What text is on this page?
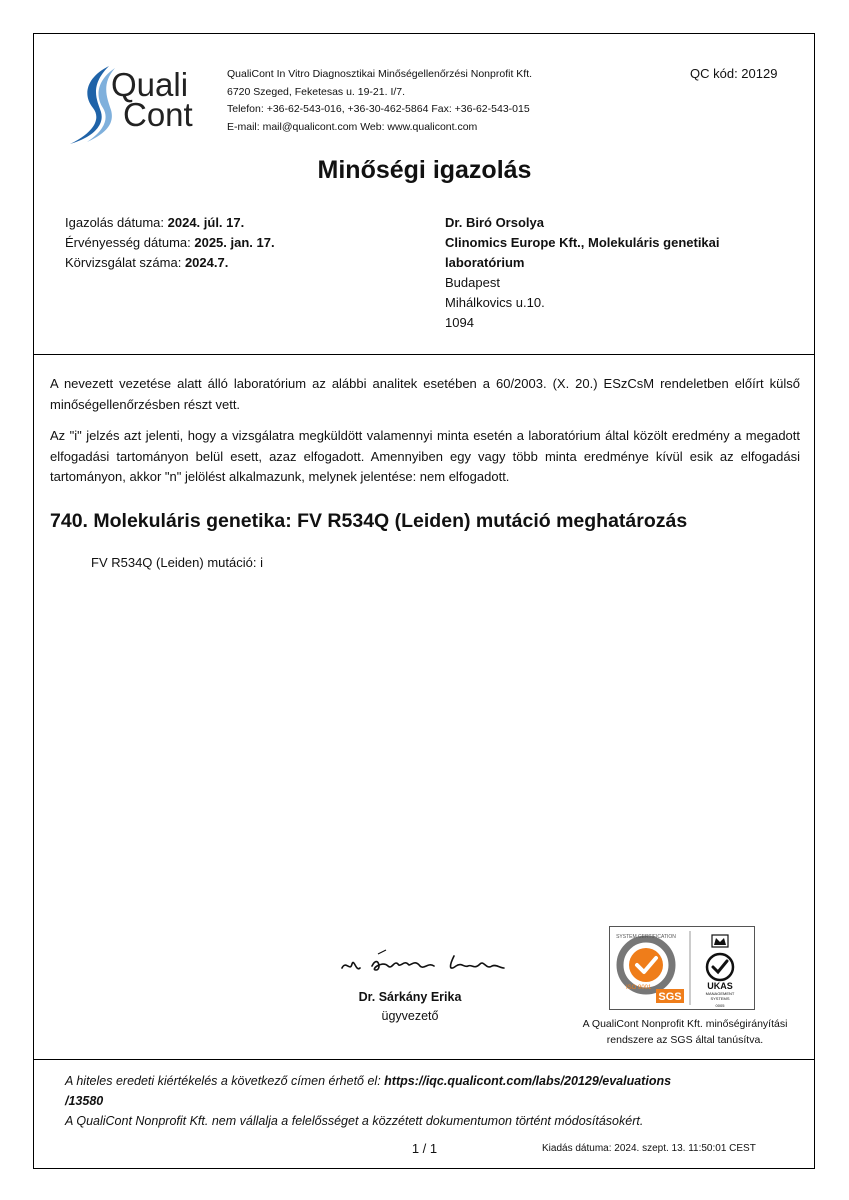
Quali
Cont
QualiCont In Vitro Diagnosztikai Minőségellenőrzési Nonprofit Kft.
6720 Szeged, Feketesas u. 19-21. I/7.
Telefon: +36-62-543-016, +36-30-462-5864 Fax: +36-62-543-015
E-mail: mail@qualicont.com Web: www.qualicont.com
QC kód: 20129
Minőségi igazolás
Igazolás dátuma: 2024. júl. 17.
Érvényesség dátuma: 2025. jan. 17.
Körvizsgálat száma: 2024.7.
Dr. Biró Orsolya
Clinomics Europe Kft., Molekuláris genetikai laboratórium
Budapest
Mihálkovics u.10.
1094
A nevezett vezetése alatt álló laboratórium az alábbi analitek esetében a 60/2003. (X. 20.) ESzCsM rendeletben előírt külső minőségellenőrzésben részt vett.
Az "i" jelzés azt jelenti, hogy a vizsgálatra megküldött valamennyi minta esetén a laboratórium által közölt eredmény a megadott elfogadási tartományon belül esett, azaz elfogadott. Amennyiben egy vagy több minta eredménye kívül esik az elfogadási tartományon, akkor "n" jelölést alkalmazunk, melynek jelentése: nem elfogadott.
740. Molekuláris genetika: FV R534Q (Leiden) mutáció meghatározás
FV R534Q (Leiden) mutáció: i
Dr. Sárkány Erika
ügyvezető
SYSTEM CERTIFICATION
ISO 9001
SGS
UKAS
MANAGEMENT
SYSTEMS
0005
A QualiCont Nonprofit Kft. minőségirányítási
rendszere az SGS által tanúsítva.
A hiteles eredeti kiértékelés a következő címen érhető el: https://iqc.qualicont.com/labs/20129/evaluations
/13580
A QualiCont Nonprofit Kft. nem vállalja a felelősséget a közzétett dokumentumon történt módosításokért.
1 / 1	Kiadás dátuma: 2024. szept. 13. 11:50:01 CEST
